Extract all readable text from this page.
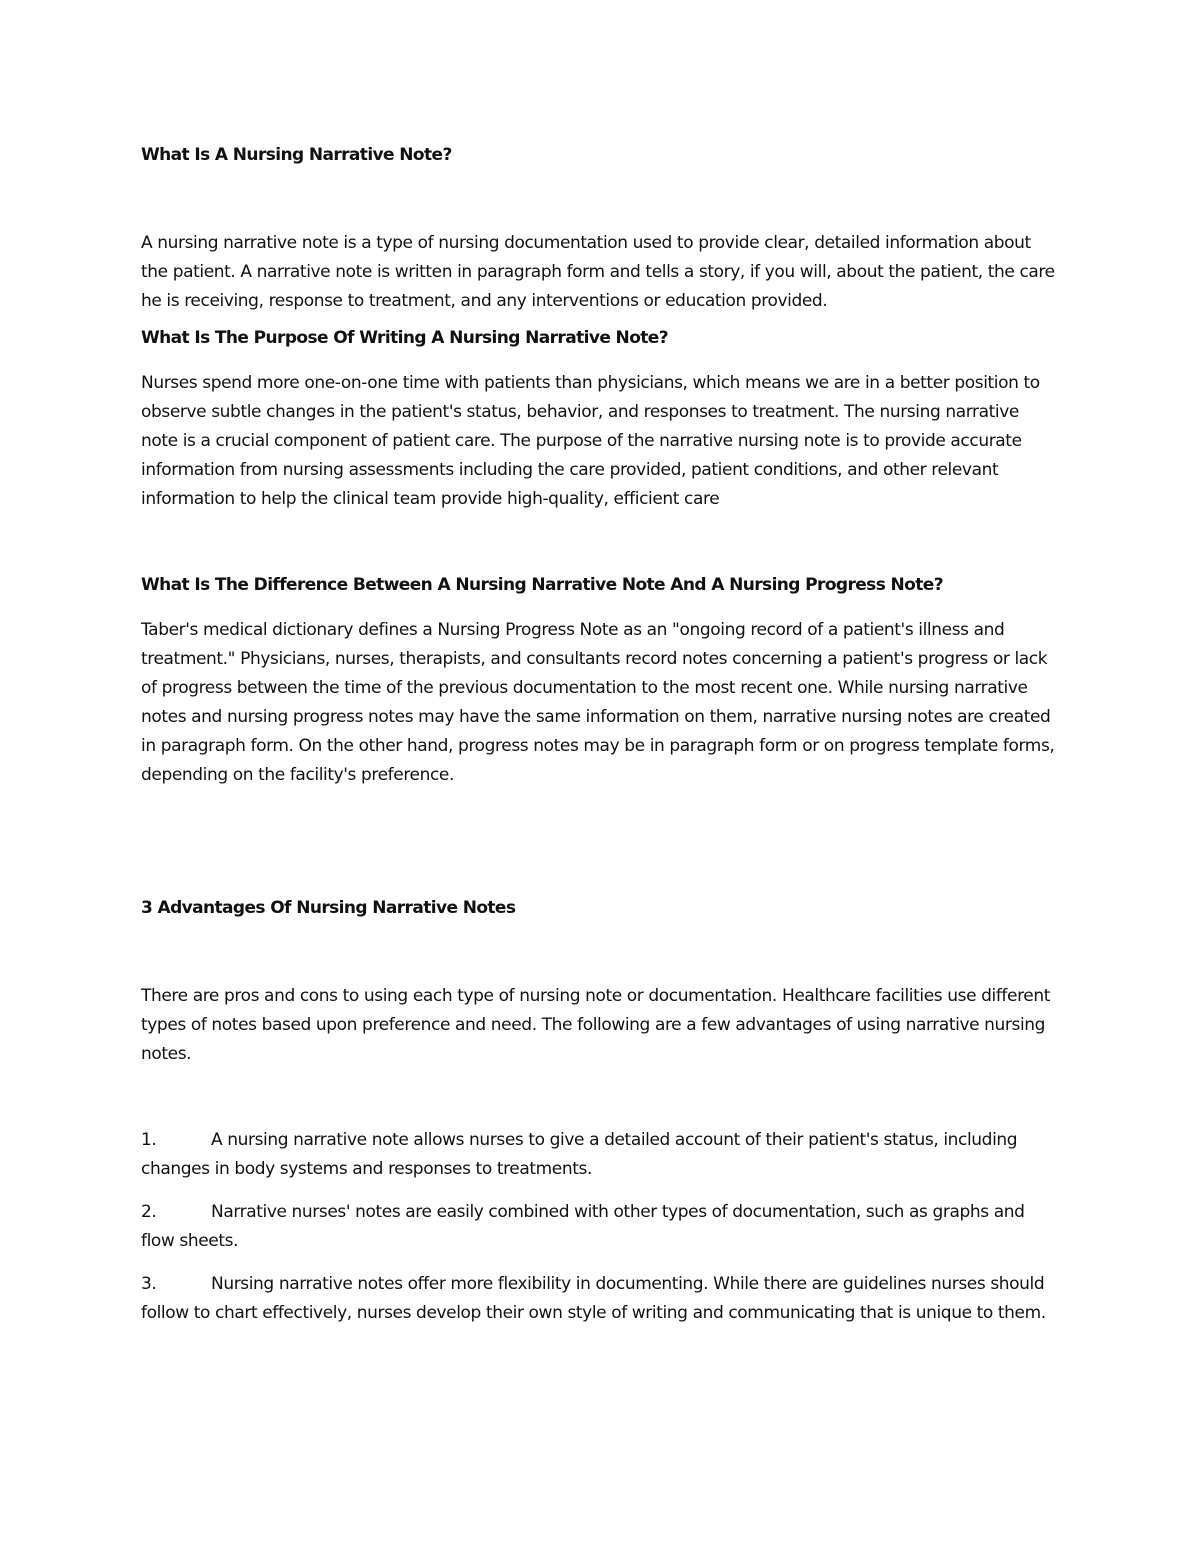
What Is A Nursing Narrative Note?

A nursing narrative note is a type of nursing documentation used to provide clear, detailed information about the patient. A narrative note is written in paragraph form and tells a story, if you will, about the patient, the care he is receiving, response to treatment, and any interventions or education provided.

What Is The Purpose Of Writing A Nursing Narrative Note?

Nurses spend more one-on-one time with patients than physicians, which means we are in a better position to observe subtle changes in the patient's status, behavior, and responses to treatment. The nursing narrative note is a crucial component of patient care. The purpose of the narrative nursing note is to provide accurate information from nursing assessments including the care provided, patient conditions, and other relevant information to help the clinical team provide high-quality, efficient care

What Is The Difference Between A Nursing Narrative Note And A Nursing Progress Note?

Taber's medical dictionary defines a Nursing Progress Note as an "ongoing record of a patient's illness and treatment." Physicians, nurses, therapists, and consultants record notes concerning a patient's progress or lack of progress between the time of the previous documentation to the most recent one. While nursing narrative notes and nursing progress notes may have the same information on them, narrative nursing notes are created in paragraph form. On the other hand, progress notes may be in paragraph form or on progress template forms, depending on the facility's preference.

3 Advantages Of Nursing Narrative Notes

There are pros and cons to using each type of nursing note or documentation. Healthcare facilities use different types of notes based upon preference and need. The following are a few advantages of using narrative nursing notes.

1.	A nursing narrative note allows nurses to give a detailed account of their patient's status, including changes in body systems and responses to treatments.

2.	Narrative nurses' notes are easily combined with other types of documentation, such as graphs and flow sheets.

3.	Nursing narrative notes offer more flexibility in documenting. While there are guidelines nurses should follow to chart effectively, nurses develop their own style of writing and communicating that is unique to them.
